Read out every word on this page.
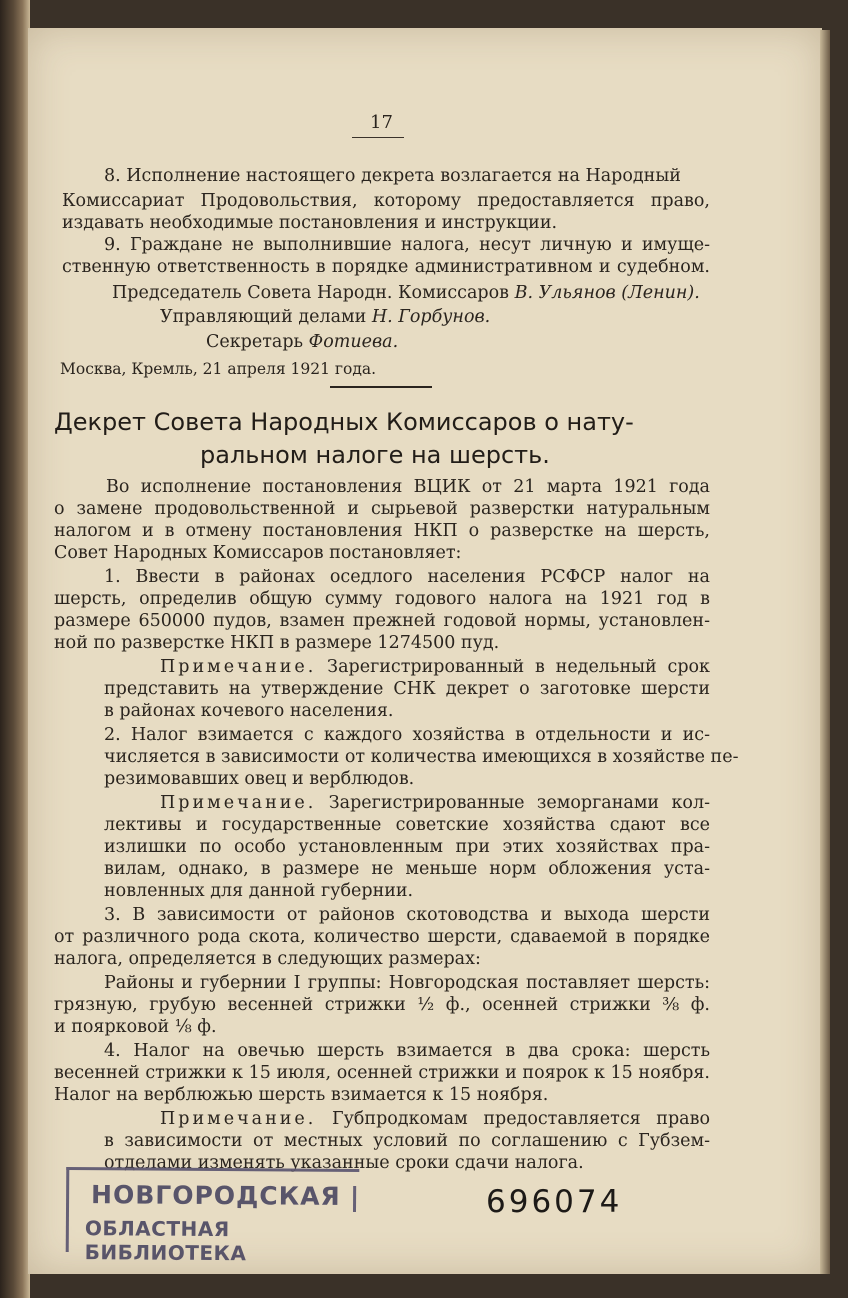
17
8. Исполнение настоящего декрета возлагается на Народный
Комиссариат Продовольствия, которому предоставляется право,
издавать необходимые постановления и инструкции.
9. Граждане не выполнившие налога, несут личную и имуще-
ственную ответственность в порядке административном и судебном.
Председатель Совета Народн. Комиссаров В. Ульянов (Ленин).
Управляющий делами Н. Горбунов.
Секретарь Фотиева.
Москва, Кремль, 21 апреля 1921 года.
Декрет Совета Народных Комиссаров о нату-
ральном налоге на шерсть.
Во исполнение постановления ВЦИК от 21 марта 1921 года
о замене продовольственной и сырьевой разверстки натуральным
налогом и в отмену постановления НКП о разверстке на шерсть,
Совет Народных Комиссаров постановляет:
1. Ввести в районах оседлого населения РСФСР налог на
шерсть, определив общую сумму годового налога на 1921 год в
размере 650000 пудов, взамен прежней годовой нормы, установлен-
ной по разверстке НКП в размере 1274500 пуд.
Примечание. Зарегистрированный в недельный срок
представить на утверждение СНК декрет о заготовке шерсти
в районах кочевого населения.
2. Налог взимается с каждого хозяйства в отдельности и ис-
числяется в зависимости от количества имеющихся в хозяйстве пе-
резимовавших овец и верблюдов.
Примечание. Зарегистрированные земорганами кол-
лективы и государственные советские хозяйства сдают все
излишки по особо установленным при этих хозяйствах пра-
вилам, однако, в размере не меньше норм обложения уста-
новленных для данной губернии.
3. В зависимости от районов скотоводства и выхода шерсти
от различного рода скота, количество шерсти, сдаваемой в порядке
налога, определяется в следующих размерах:
Районы и губернии I группы: Новгородская поставляет шерсть:
грязную, грубую весенней стрижки ½ ф., осенней стрижки ⅜ ф.
и поярковой ⅛ ф.
4. Налог на овечью шерсть взимается в два срока: шерсть
весенней стрижки к 15 июля, осенней стрижки и поярок к 15 ноября.
Налог на верблюжью шерсть взимается к 15 ноября.
Примечание. Губпродкомам предоставляется право
в зависимости от местных условий по соглашению с Губзем-
отделами изменять указанные сроки сдачи налога.
НОВГОРОДСКАЯ
ОБЛАСТНАЯ БИБЛИОТЕКА
696074
